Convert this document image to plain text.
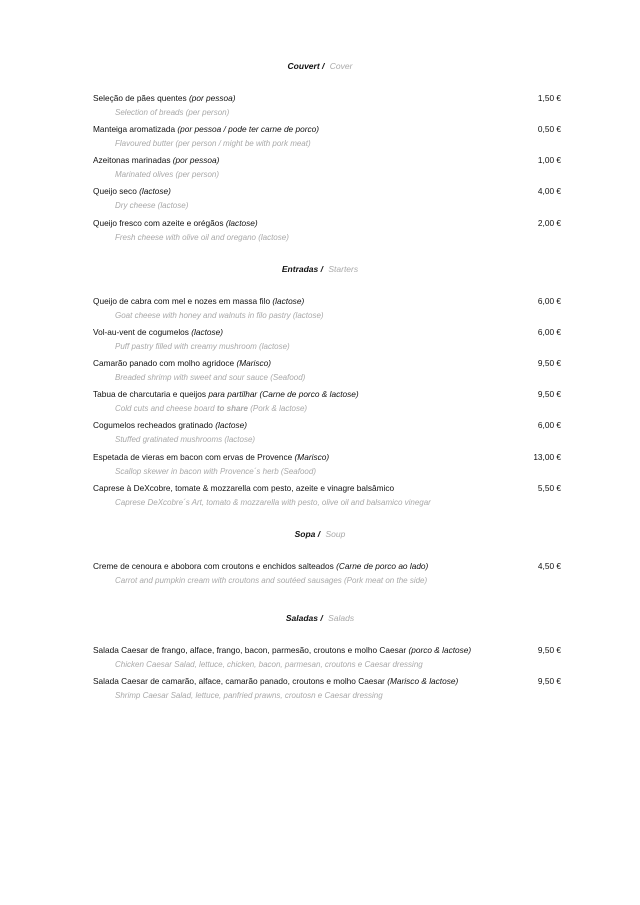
Couvert / Cover
Seleção de pães quentes (por pessoa)	1,50 €
Selection of breads (per person)
Manteiga aromatizada (por pessoa / pode ter carne de porco)	0,50 €
Flavoured butter (per person / might be with pork meat)
Azeitonas marinadas (por pessoa)	1,00 €
Marinated olives (per person)
Queijo seco (lactose)	4,00 €
Dry cheese (lactose)
Queijo fresco com azeite e orégãos (lactose)	2,00 €
Fresh cheese with olive oil and oregano (lactose)
Entradas / Starters
Queijo de cabra com mel e nozes em massa filo (lactose)	6,00 €
Goat cheese with honey and walnuts in filo pastry (lactose)
Vol-au-vent de cogumelos (lactose)	6,00 €
Puff pastry filled with creamy mushroom (lactose)
Camarão panado com molho agridoce (Marisco)	9,50 €
Breaded shrimp with sweet and sour sauce (Seafood)
Tabua de charcutaria e queijos para partilhar (Carne de porco & lactose)	9,50 €
Cold cuts and cheese board to share (Pork & lactose)
Cogumelos recheados gratinado (lactose)	6,00 €
Stuffed gratinated mushrooms (lactose)
Espetada de vieras em bacon com ervas de Provence (Marisco)	13,00 €
Scallop skewer in bacon with Provence´s herb (Seafood)
Caprese à DeXcobre, tomate & mozzarella com pesto, azeite e vinagre balsâmico	5,50 €
Caprese DeXcobre´s Art, tomato & mozzarella with pesto, olive oil and balsamico vinegar
Sopa / Soup
Creme de cenoura e abobora com croutons e enchidos salteados (Carne de porco ao lado)	4,50 €
Carrot and pumpkin cream with croutons and soutéed sausages (Pork meat on the side)
Saladas / Salads
Salada Caesar de frango, alface, frango, bacon, parmesão, croutons e molho Caesar (porco & lactose)	9,50 €
Chicken Caesar Salad, lettuce, chicken, bacon, parmesan, croutons e Caesar dressing
Salada Caesar de camarão, alface, camarão panado, croutons e molho Caesar (Marisco & lactose)	9,50 €
Shrimp Caesar Salad, lettuce, panfried prawns, croutosn e Caesar dressing
